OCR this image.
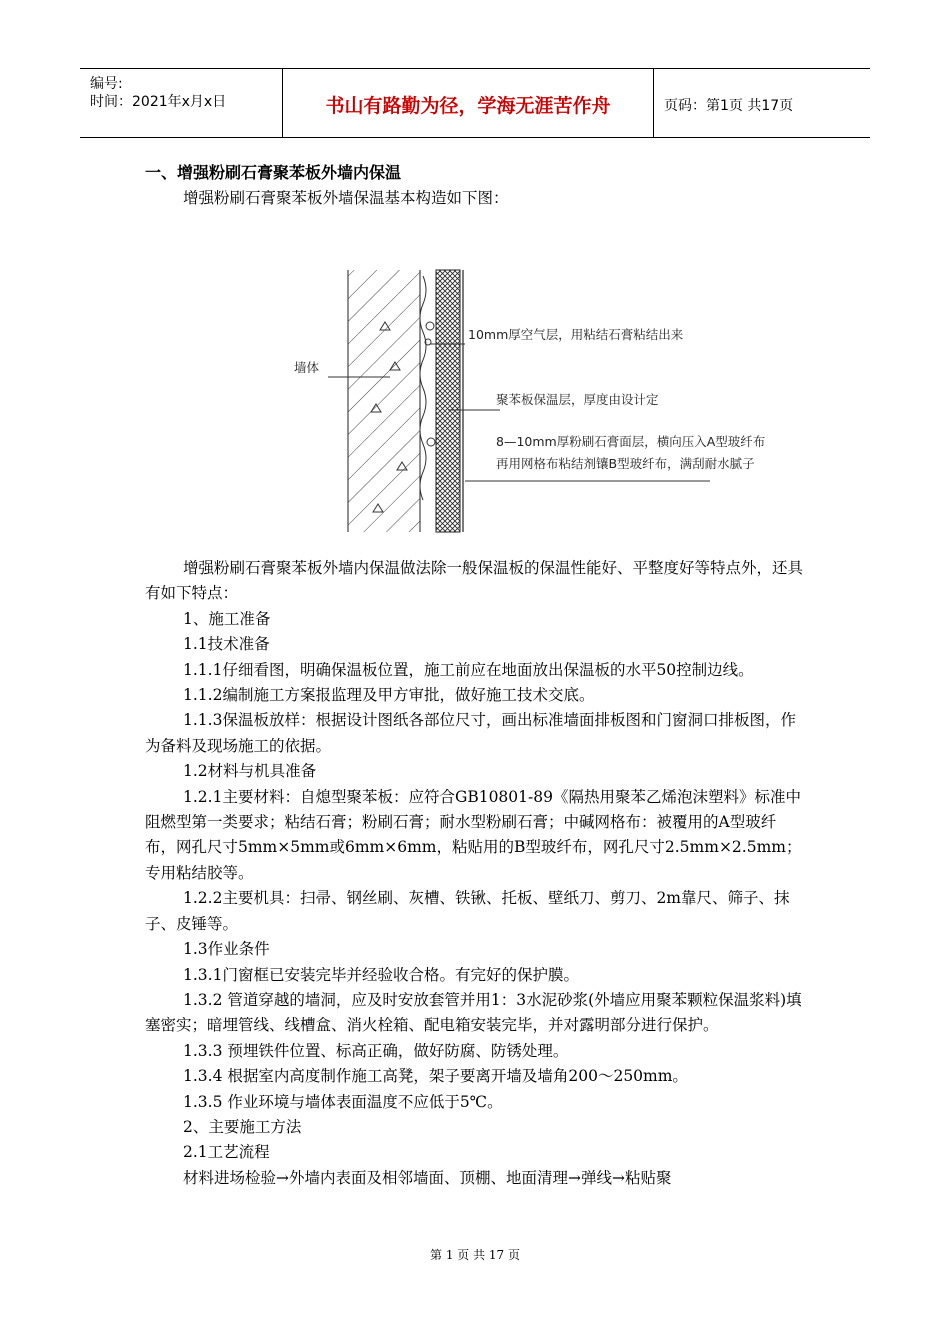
编号:
时间：2021年x月x日	书山有路勤为径，学海无涯苦作舟	页码：第1页 共17页
一、增强粉刷石膏聚苯板外墙内保温
增强粉刷石膏聚苯板外墙保温基本构造如下图：
墙体
10mm厚空气层，用粘结石膏粘结出来
聚苯板保温层，厚度由设计定
8—10mm厚粉刷石膏面层，横向压入A型玻纤布
再用网格布粘结剂镶B型玻纤布，满刮耐水腻子

增强粉刷石膏聚苯板外墙内保温做法除一般保温板的保温性能好、平整度好等特点外，还具有如下特点：

1、施工准备

1.1技术准备

1.1.1仔细看图，明确保温板位置，施工前应在地面放出保温板的水平50控制边线。

1.1.2编制施工方案报监理及甲方审批，做好施工技术交底。

1.1.3保温板放样：根据设计图纸各部位尺寸，画出标准墙面排板图和门窗洞口排板图，作为备料及现场施工的依据。

1.2材料与机具准备

1.2.1主要材料：自熄型聚苯板：应符合GB10801-89《隔热用聚苯乙烯泡沫塑料》标准中阻燃型第一类要求；粘结石膏；粉刷石膏；耐水型粉刷石膏；中碱网格布：被覆用的A型玻纤布，网孔尺寸5mm×5mm或6mm×6mm，粘贴用的B型玻纤布，网孔尺寸2.5mm×2.5mm；专用粘结胶等。

1.2.2主要机具：扫帚、钢丝刷、灰槽、铁锹、托板、壁纸刀、剪刀、2m靠尺、筛子、抹子、皮锤等。

1.3作业条件

1.3.1门窗框已安装完毕并经验收合格。有完好的保护膜。

1.3.2 管道穿越的墙洞，应及时安放套管并用1：3水泥砂浆(外墙应用聚苯颗粒保温浆料)填塞密实；暗埋管线、线槽盒、消火栓箱、配电箱安装完毕，并对露明部分进行保护。

1.3.3 预埋铁件位置、标高正确，做好防腐、防锈处理。

1.3.4 根据室内高度制作施工高凳，架子要离开墙及墙角200～250mm。

1.3.5 作业环境与墙体表面温度不应低于5℃。

2、主要施工方法

2.1工艺流程

材料进场检验→外墙内表面及相邻墙面、顶棚、地面清理→弹线→粘贴聚

第 1 页 共 17 页
